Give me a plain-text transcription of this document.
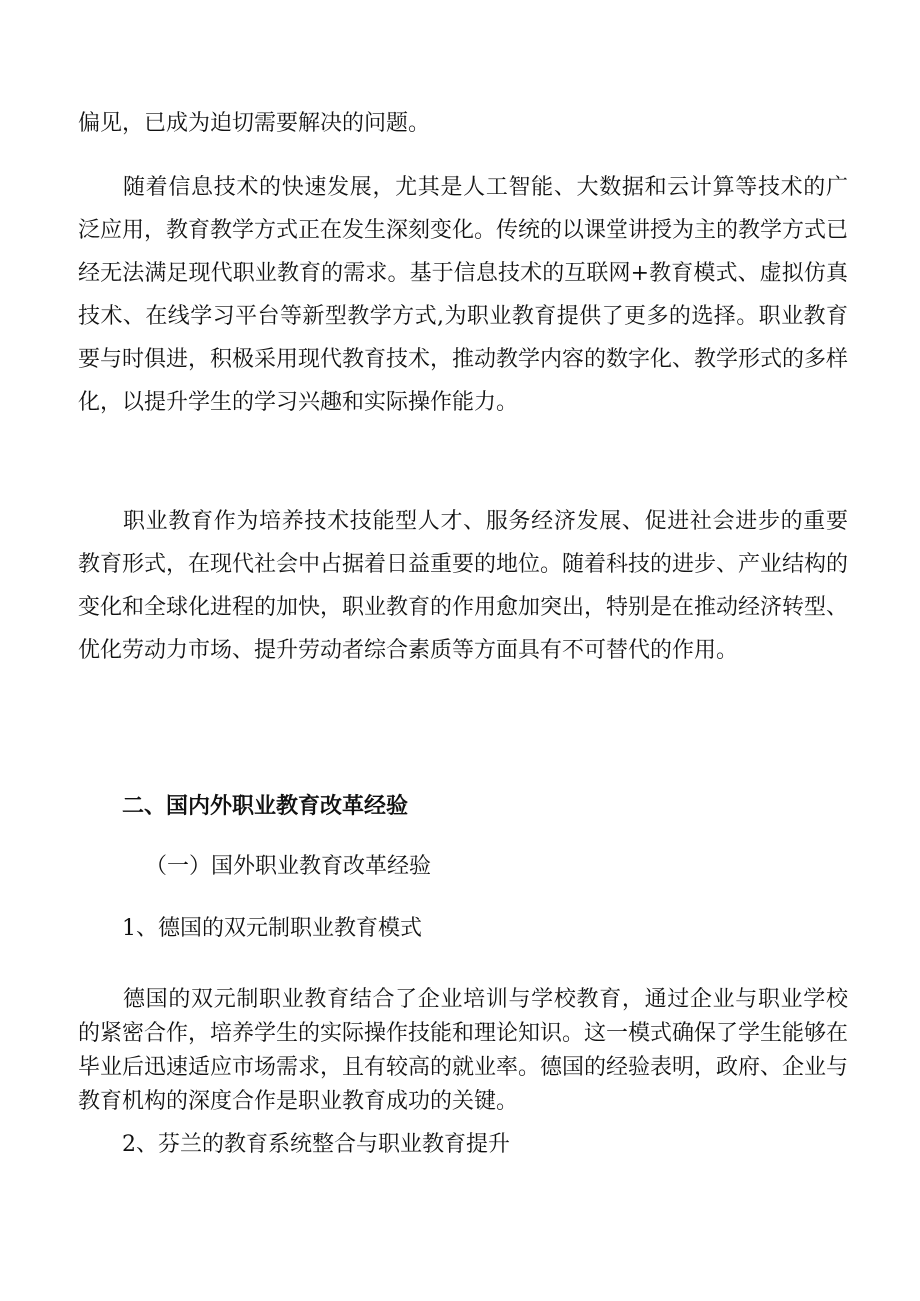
偏见，已成为迫切需要解决的问题。

随着信息技术的快速发展，尤其是人工智能、大数据和云计算等技术的广泛应用，教育教学方式正在发生深刻变化。传统的以课堂讲授为主的教学方式已经无法满足现代职业教育的需求。基于信息技术的互联网+教育模式、虚拟仿真技术、在线学习平台等新型教学方式,为职业教育提供了更多的选择。职业教育要与时俱进，积极采用现代教育技术，推动教学内容的数字化、教学形式的多样化，以提升学生的学习兴趣和实际操作能力。

职业教育作为培养技术技能型人才、服务经济发展、促进社会进步的重要教育形式，在现代社会中占据着日益重要的地位。随着科技的进步、产业结构的变化和全球化进程的加快，职业教育的作用愈加突出，特别是在推动经济转型、优化劳动力市场、提升劳动者综合素质等方面具有不可替代的作用。

二、国内外职业教育改革经验
（一）国外职业教育改革经验
1、德国的双元制职业教育模式

德国的双元制职业教育结合了企业培训与学校教育，通过企业与职业学校的紧密合作，培养学生的实际操作技能和理论知识。这一模式确保了学生能够在毕业后迅速适应市场需求，且有较高的就业率。德国的经验表明，政府、企业与教育机构的深度合作是职业教育成功的关键。

2、芬兰的教育系统整合与职业教育提升
